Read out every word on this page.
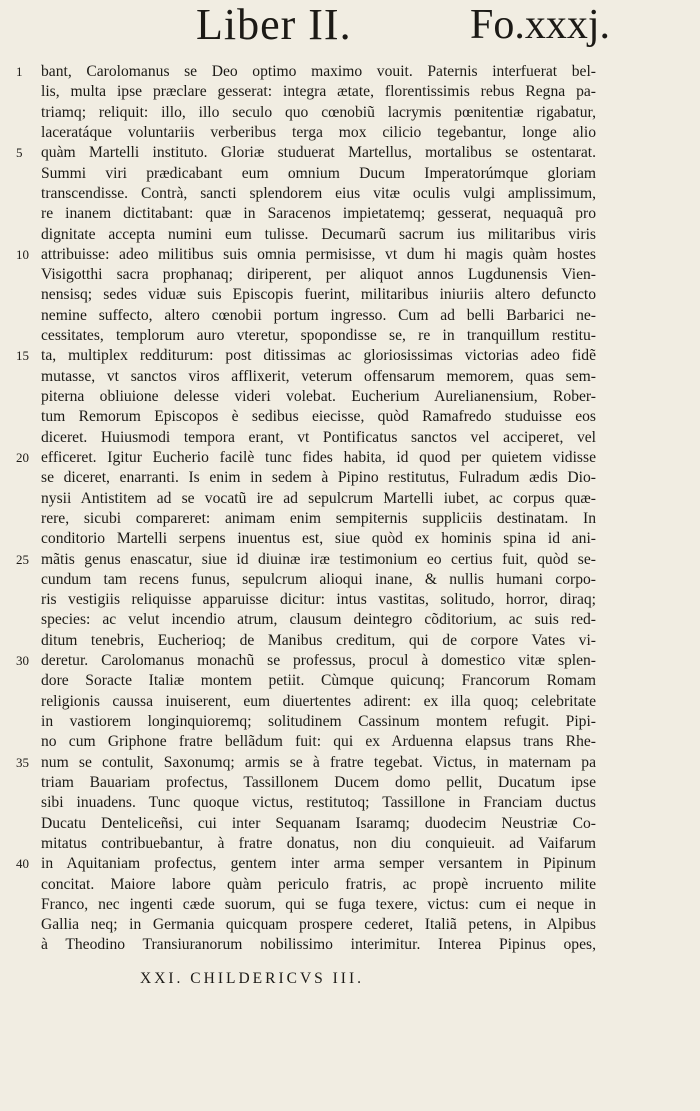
Liber II.	Fo.xxxj.
1	bant, Carolomanus se Deo optimo maximo vouit. Paternis interfuerat bel-
lis, multa ipse præclare gesserat: integra ætate, florentissimis rebus Regna pa-
triamq; reliquit: illo, illo seculo quo cœnobiũ lacrymis pœnitentiæ rigabatur,
laceratáque voluntariis verberibus terga mox cilicio tegebantur, longe alio
5	quàm Martelli instituto. Gloriæ studuerat Martellus, mortalibus se ostentarat.
Summi viri prædicabant eum omnium Ducum Imperatorúmque gloriam
transcendisse. Contrà, sancti splendorem eius vitæ oculis vulgi amplissimum,
re inanem dictitabant: quæ in Saracenos impietatemq; gesserat, nequaquã pro
dignitate accepta numini eum tulisse. Decumarũ sacrum ius militaribus viris
10 attribuisse: adeo militibus suis omnia permisisse, vt dum hi magis quàm hostes
Visigotthi sacra prophanaq; diriperent, per aliquot annos Lugdunensis Vien-
nensisq; sedes viduæ suis Episcopis fuerint, militaribus iniuriis altero defuncto
nemine suffecto, altero cœnobii portum ingresso. Cum ad belli Barbarici ne-
cessitates, templorum auro vteretur, spopondisse se, re in tranquillum restitu-
15 ta, multiplex redditurum: post ditissimas ac gloriosissimas victorias adeo fidẽ
mutasse, vt sanctos viros afflixerit, veterum offensarum memorem, quas sem-
piterna obliuione delesse videri volebat. Eucherium Aurelianensium, Rober-
tum Remorum Episcopos è sedibus eiecisse, quòd Ramafredo studuisse eos
diceret. Huiusmodi tempora erant, vt Pontificatus sanctos vel acciperet, vel
20 efficeret. Igitur Eucherio facilè tunc fides habita, id quod per quietem vidisse
se diceret, enarranti. Is enim in sedem à Pipino restitutus, Fulradum ædis Dio-
nysii Antistitem ad se vocatũ ire ad sepulcrum Martelli iubet, ac corpus quæ-
rere, sicubi compareret: animam enim sempiternis suppliciis destinatam. In
conditorio Martelli serpens inuentus est, siue quòd ex hominis spina id ani-
25 mãtis genus enascatur, siue id diuinæ iræ testimonium eo certius fuit, quòd se-
cundum tam recens funus, sepulcrum alioqui inane, & nullis humani corpo-
ris vestigiis reliquisse apparuisse dicitur: intus vastitas, solitudo, horror, diraq;
species: ac velut incendio atrum, clausum deintegro cõditorium, ac suis red-
ditum tenebris, Eucherioq; de Manibus creditum, qui de corpore Vates vi-
30 deretur. Carolomanus monachũ se professus, procul à domestico vitæ splen-
dore Soracte Italiæ montem petiit. Cùmque quicunq; Francorum Romam
religionis caussa inuiserent, eum diuertentes adirent: ex illa quoq; celebritate
in vastiorem longinquioremq; solitudinem Cassinum montem refugit. Pipi-
no cum Griphone fratre bellãdum fuit: qui ex Arduenna elapsus trans Rhe-
35 num se contulit, Saxonumq; armis se à fratre tegebat. Victus, in maternam pa
triam Bauariam profectus, Tassillonem Ducem domo pellit, Ducatum ipse
sibi inuadens. Tunc quoque victus, restitutoq; Tassillone in Franciam ductus
Ducatu Denteliceñsi, cui inter Sequanam Isaramq; duodecim Neustriæ Co-
mitatus contribuebantur, à fratre donatus, non diu conquieuit. ad Vaifarum
40 in Aquitaniam profectus, gentem inter arma semper versantem in Pipinum
concitat. Maiore labore quàm periculo fratris, ac propè incruento milite
Franco, nec ingenti cæde suorum, qui se fuga texere, victus: cum ei neque in
Gallia neq; in Germania quicquam prospere cederet, Italiã petens, in Alpibus
à Theodino Transiuranorum nobilissimo interimitur. Interea Pipinus opes,
XXI. CHILDERICVS III.
